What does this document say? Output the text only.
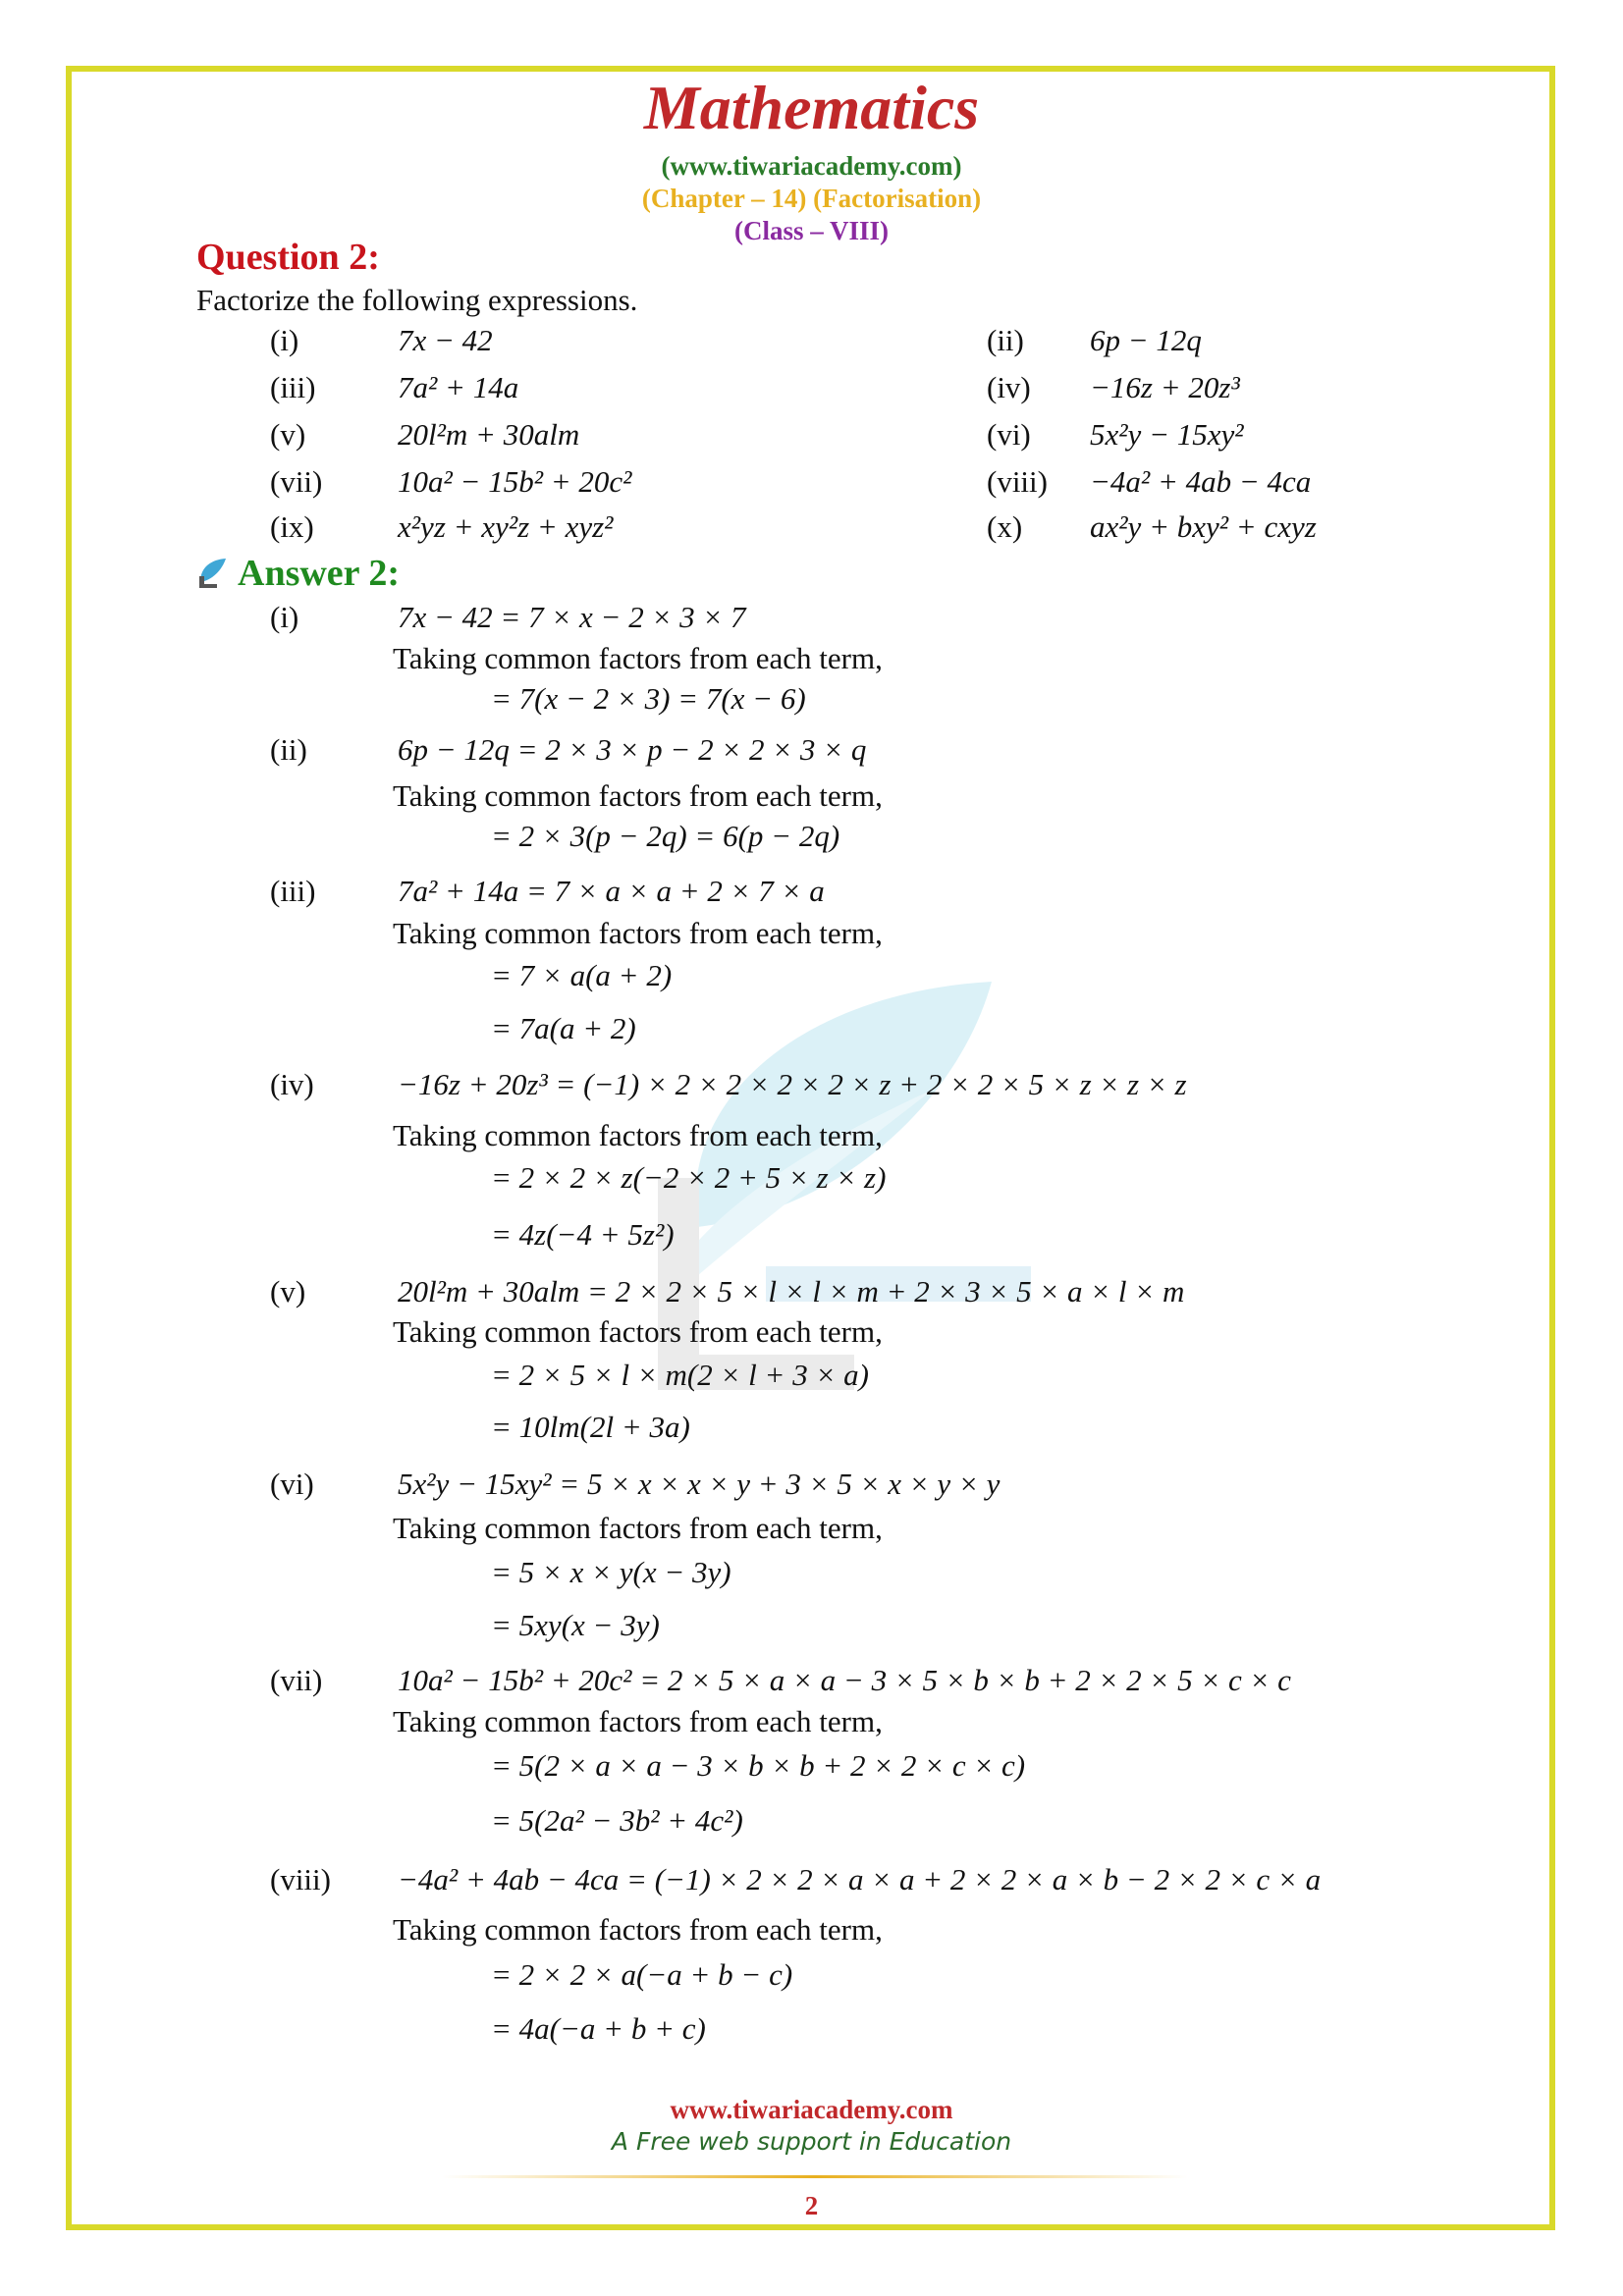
Mathematics
(www.tiwariacademy.com)
(Chapter – 14) (Factorisation)
(Class – VIII)
Question 2:
Factorize the following expressions.
(i)	7x − 42	(ii)	6p − 12q
(iii)	7a² + 14a	(iv)	−16z + 20z³
(v)	20l²m + 30alm	(vi)	5x²y − 15xy²
(vii)	10a² − 15b² + 20c²	(viii)	−4a² + 4ab − 4ca
(ix)	x²yz + xy²z + xyz²	(x)	ax²y + bxy² + cxyz
Answer 2:
(i)	7x − 42 = 7 × x − 2 × 3 × 7
Taking common factors from each term,
= 7(x − 2 × 3) = 7(x − 6)
(ii)	6p − 12q = 2 × 3 × p − 2 × 2 × 3 × q
Taking common factors from each term,
= 2 × 3(p − 2q) = 6(p − 2q)
(iii)	7a² + 14a = 7 × a × a + 2 × 7 × a
Taking common factors from each term,
= 7 × a(a + 2)
= 7a(a + 2)
(iv)	−16z + 20z³ = (−1) × 2 × 2 × 2 × 2 × z + 2 × 2 × 5 × z × z × z
Taking common factors from each term,
= 2 × 2 × z(−2 × 2 + 5 × z × z)
= 4z(−4 + 5z²)
(v)	20l²m + 30alm = 2 × 2 × 5 × l × l × m + 2 × 3 × 5 × a × l × m
Taking common factors from each term,
= 2 × 5 × l × m(2 × l + 3 × a)
= 10lm(2l + 3a)
(vi)	5x²y − 15xy² = 5 × x × x × y + 3 × 5 × x × y × y
Taking common factors from each term,
= 5 × x × y(x − 3y)
= 5xy(x − 3y)
(vii) 10a² − 15b² + 20c² = 2 × 5 × a × a − 3 × 5 × b × b + 2 × 2 × 5 × c × c
Taking common factors from each term,
= 5(2 × a × a − 3 × b × b + 2 × 2 × c × c)
= 5(2a² − 3b² + 4c²)
(viii) −4a² + 4ab − 4ca = (−1) × 2 × 2 × a × a + 2 × 2 × a × b − 2 × 2 × c × a
Taking common factors from each term,
= 2 × 2 × a(−a + b − c)
= 4a(−a + b + c)
www.tiwariacademy.com
A Free web support in Education
2
